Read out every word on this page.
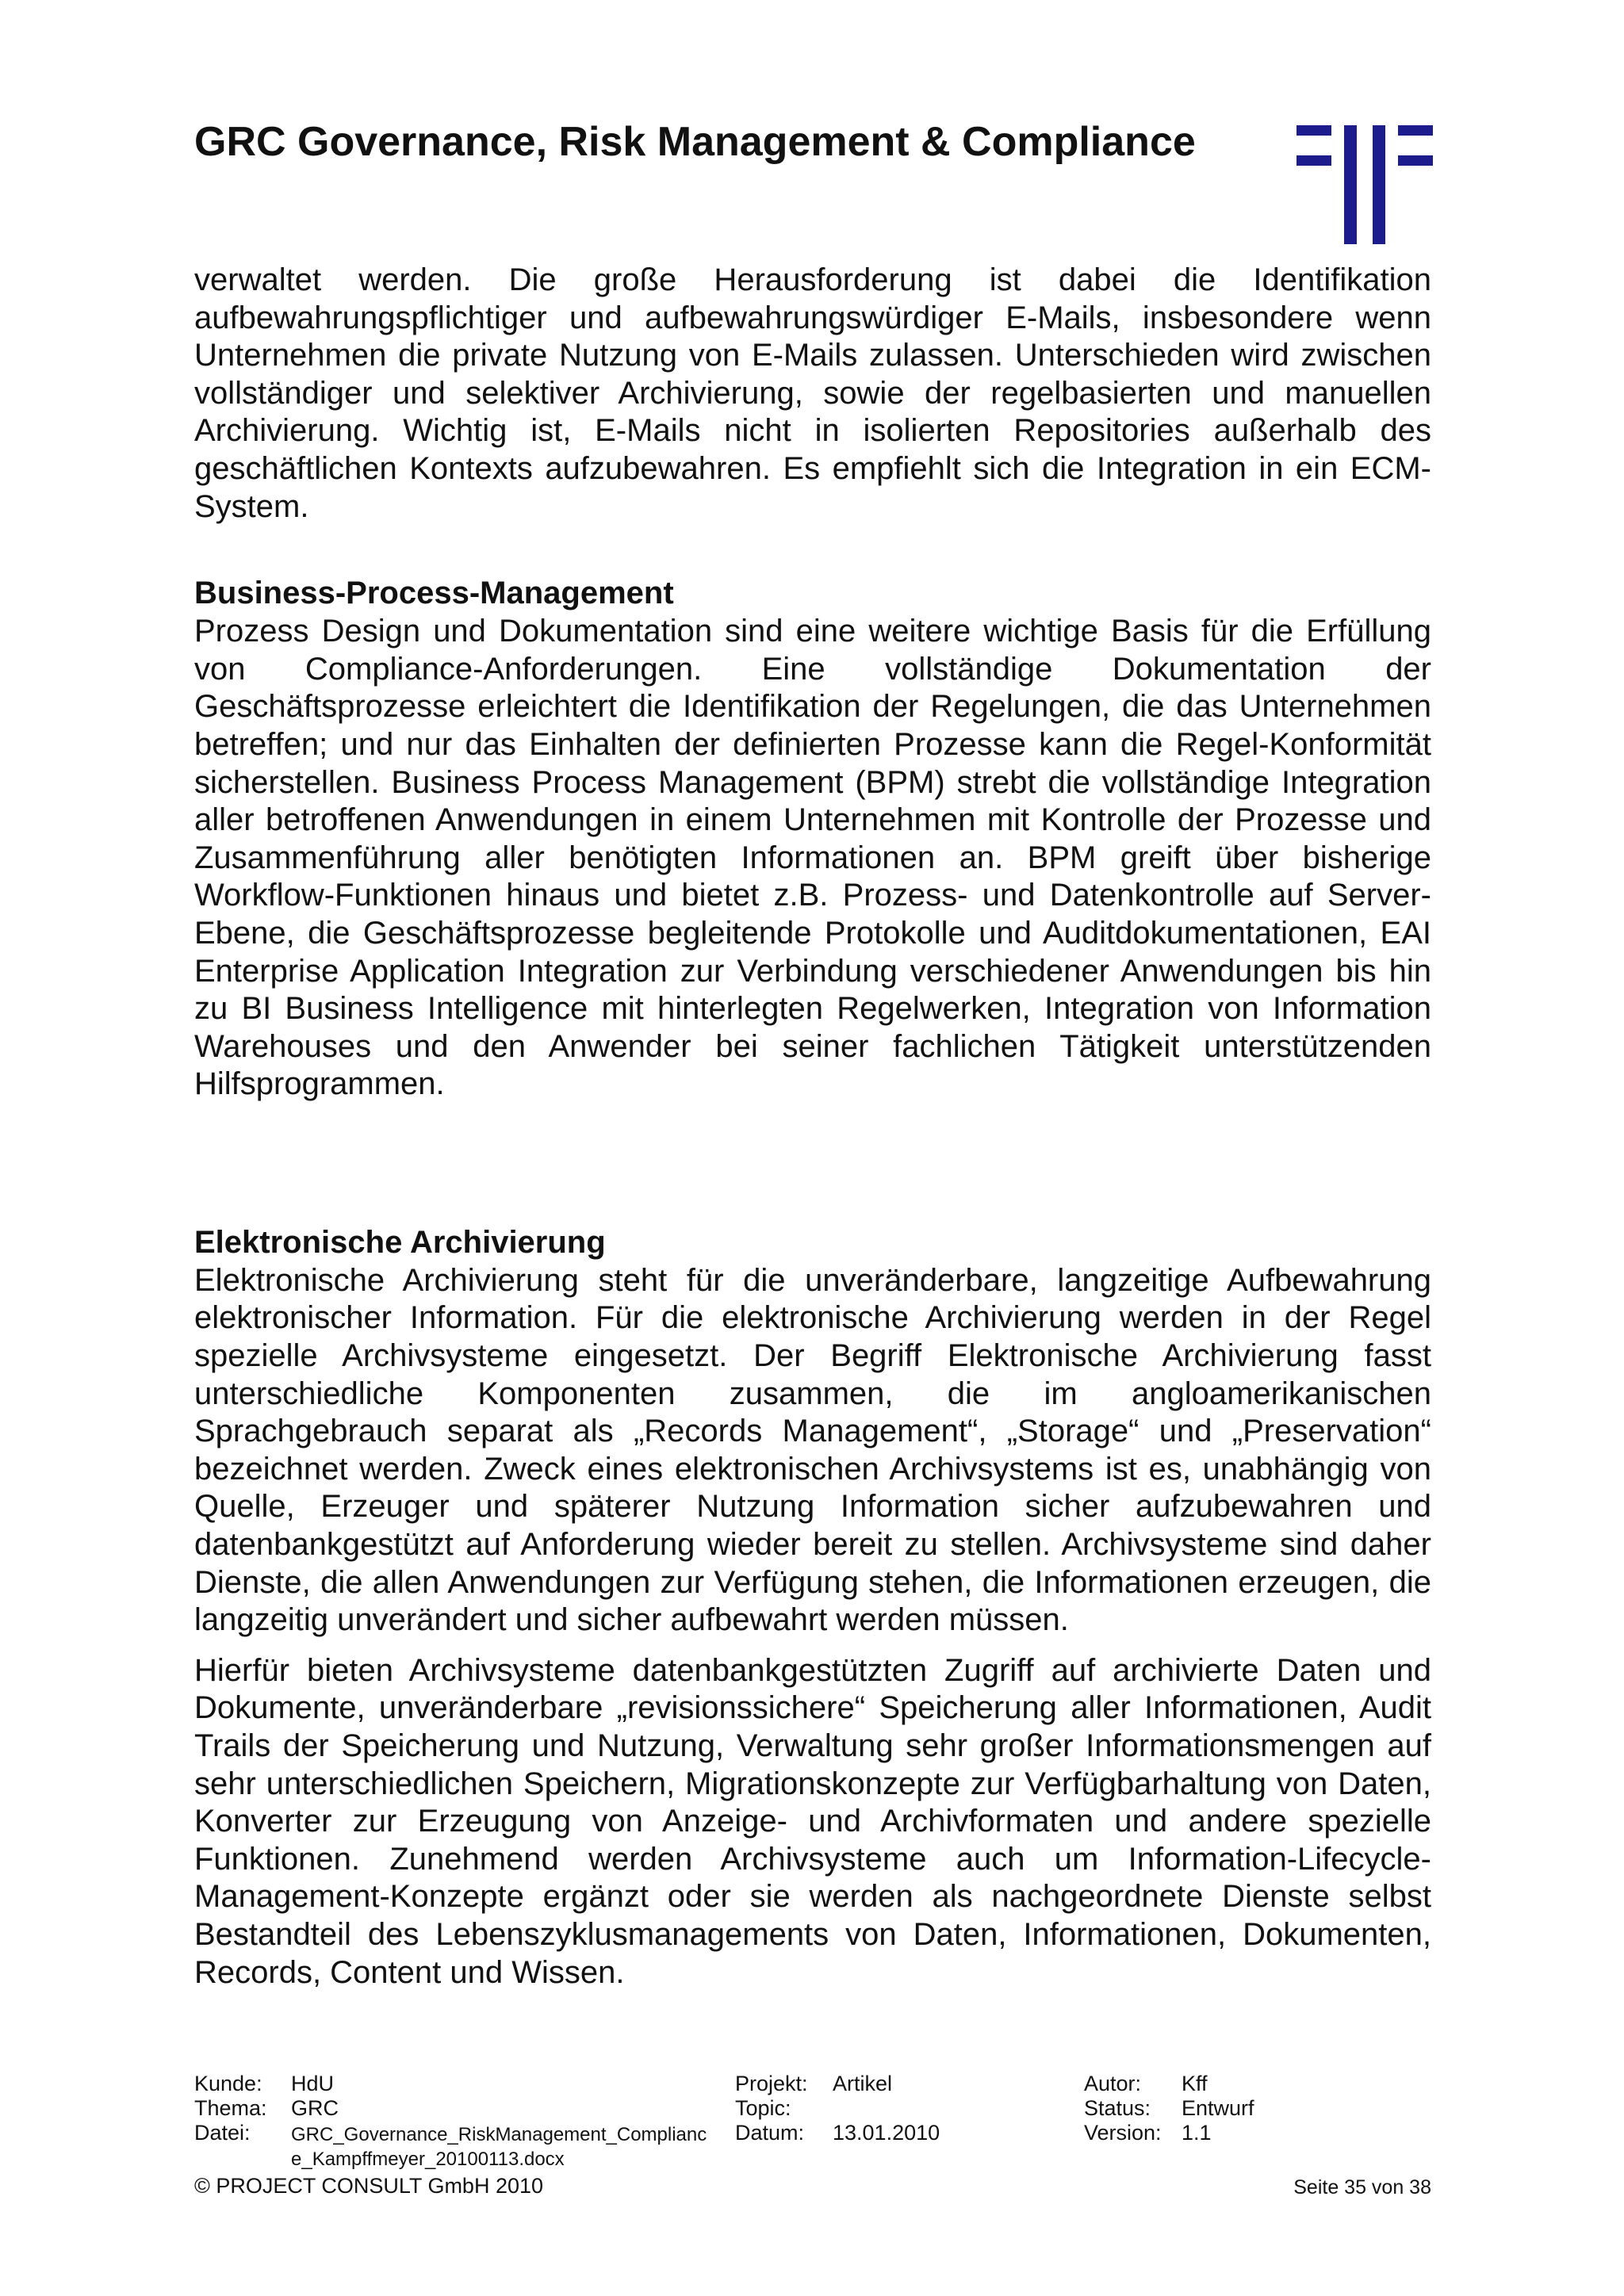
GRC Governance, Risk Management & Compliance

verwaltet werden. Die große Herausforderung ist dabei die Identifikation aufbewahrungspflichtiger und aufbewahrungswürdiger E-Mails, insbesondere wenn Unternehmen die private Nutzung von E-Mails zulassen. Unterschieden wird zwischen vollständiger und selektiver Archivierung, sowie der regelbasierten und manuellen Archivierung. Wichtig ist, E-Mails nicht in isolierten Repositories außerhalb des geschäftlichen Kontexts aufzubewahren. Es empfiehlt sich die Integration in ein ECM-System.

Business-Process-Management

Prozess Design und Dokumentation sind eine weitere wichtige Basis für die Erfüllung von Compliance-Anforderungen. Eine vollständige Dokumentation der Geschäftsprozesse erleichtert die Identifikation der Regelungen, die das Unternehmen betreffen; und nur das Einhalten der definierten Prozesse kann die Regel-Konformität sicherstellen. Business Process Management (BPM) strebt die vollständige Integration aller betroffenen Anwendungen in einem Unternehmen mit Kontrolle der Prozesse und Zusammenführung aller benötigten Informationen an. BPM greift über bisherige Workflow-Funktionen hinaus und bietet z.B. Prozess- und Datenkontrolle auf Server-Ebene, die Geschäftsprozesse begleitende Protokolle und Auditdokumentationen, EAI Enterprise Application Integration zur Verbindung verschiedener Anwendungen bis hin zu BI Business Intelligence mit hinterlegten Regelwerken, Integration von Information Warehouses und den Anwender bei seiner fachlichen Tätigkeit unterstützenden Hilfsprogrammen.

Elektronische Archivierung

Elektronische Archivierung steht für die unveränderbare, langzeitige Aufbewahrung elektronischer Information. Für die elektronische Archivierung werden in der Regel spezielle Archivsysteme eingesetzt. Der Begriff Elektronische Archivierung fasst unterschiedliche Komponenten zusammen, die im angloamerikanischen Sprachgebrauch separat als „Records Management“, „Storage“ und „Preservation“ bezeichnet werden. Zweck eines elektronischen Archivsystems ist es, unabhängig von Quelle, Erzeuger und späterer Nutzung Information sicher aufzubewahren und datenbankgestützt auf Anforderung wieder bereit zu stellen. Archivsysteme sind daher Dienste, die allen Anwendungen zur Verfügung stehen, die Informationen erzeugen, die langzeitig unverändert und sicher aufbewahrt werden müssen.

Hierfür bieten Archivsysteme datenbankgestützten Zugriff auf archivierte Daten und Dokumente, unveränderbare „revisionssichere“ Speicherung aller Informationen, Audit Trails der Speicherung und Nutzung, Verwaltung sehr großer Informationsmengen auf sehr unterschiedlichen Speichern, Migrationskonzepte zur Verfügbarhaltung von Daten, Konverter zur Erzeugung von Anzeige- und Archivformaten und andere spezielle Funktionen. Zunehmend werden Archivsysteme auch um Information-Lifecycle-Management-Konzepte ergänzt oder sie werden als nachgeordnete Dienste selbst Bestandteil des Lebenszyklusmanagements von Daten, Informationen, Dokumenten, Records, Content und Wissen.

Kunde: HdU
Thema: GRC
Datei: GRC_Governance_RiskManagement_Complianc
e_Kampffmeyer_20100113.docx
Projekt: Artikel
Topic:
Datum: 13.01.2010
Autor: Kff
Status: Entwurf
Version: 1.1
© PROJECT CONSULT GmbH 2010	Seite 35 von 38
